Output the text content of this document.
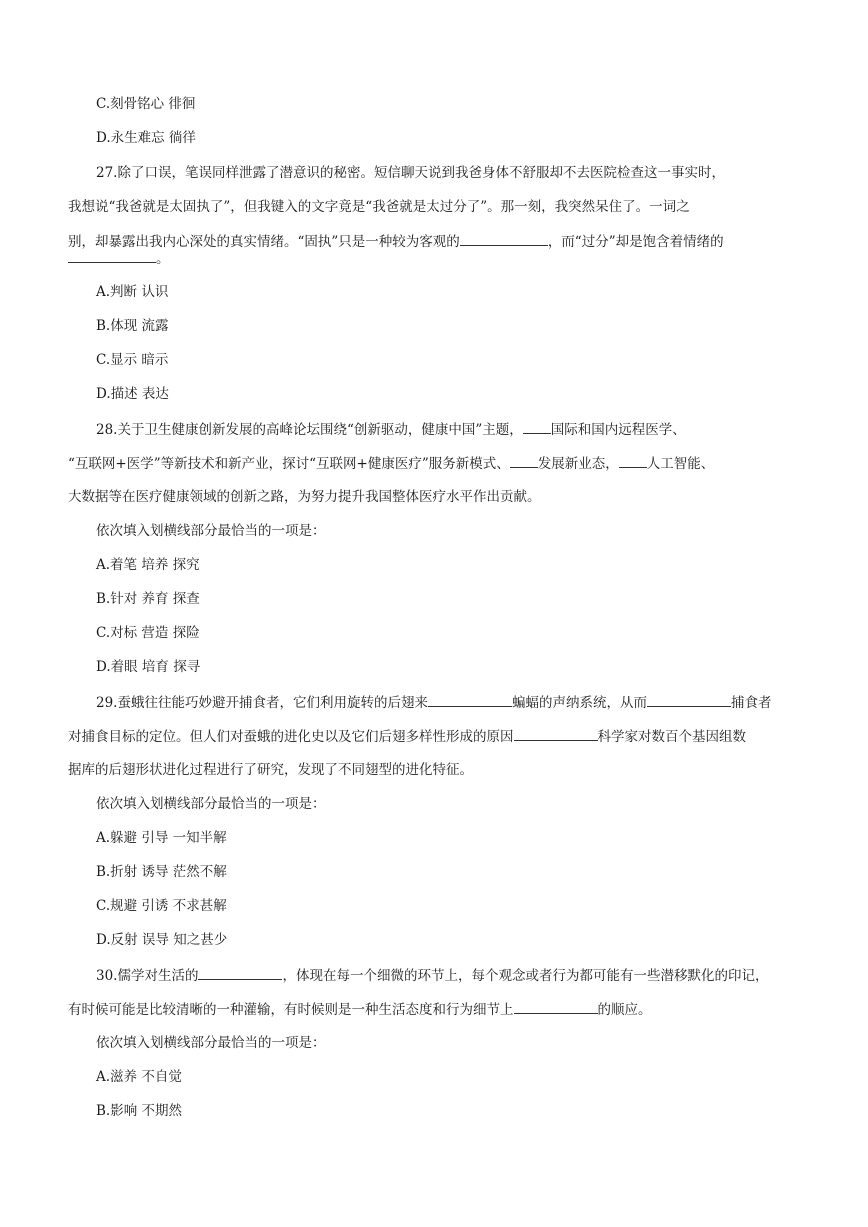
C.刻骨铭心 徘徊
D.永生难忘 徜徉
27.除了口误，笔误同样泄露了潜意识的秘密。短信聊天说到我爸身体不舒服却不去医院检查这一事实时，
我想说“我爸就是太固执了”，但我键入的文字竟是“我爸就是太过分了”。那一刻，我突然呆住了。一词之
别，却暴露出我内心深处的真实情绪。“固执”只是一种较为客观的	，而“过分”却是饱含着情绪的
。
A.判断 认识
B.体现 流露
C.显示 暗示
D.描述 表达
28.关于卫生健康创新发展的高峰论坛围绕“创新驱动，健康中国”主题， 国际和国内远程医学、
“互联网+医学”等新技术和新产业，探讨“互联网+健康医疗”服务新模式、 发展新业态， 人工智能、
大数据等在医疗健康领域的创新之路，为努力提升我国整体医疗水平作出贡献。
依次填入划横线部分最恰当的一项是：
A.着笔 培养 探究
B.针对 养育 探查
C.对标 营造 探险
D.着眼 培育 探寻
29.蚕蛾往往能巧妙避开捕食者，它们利用旋转的后翅来	蝙蝠的声纳系统，从而	捕食者
对捕食目标的定位。但人们对蚕蛾的进化史以及它们后翅多样性形成的原因	科学家对数百个基因组数
据库的后翅形状进化过程进行了研究，发现了不同翅型的进化特征。
依次填入划横线部分最恰当的一项是：
A.躲避 引导 一知半解
B.折射 诱导 茫然不解
C.规避 引诱 不求甚解
D.反射 误导 知之甚少
30.儒学对生活的	，体现在每一个细微的环节上，每个观念或者行为都可能有一些潜移默化的印记，
有时候可能是比较清晰的一种灌输，有时候则是一种生活态度和行为细节上	的顺应。
依次填入划横线部分最恰当的一项是：
A.滋养 不自觉
B.影响 不期然
